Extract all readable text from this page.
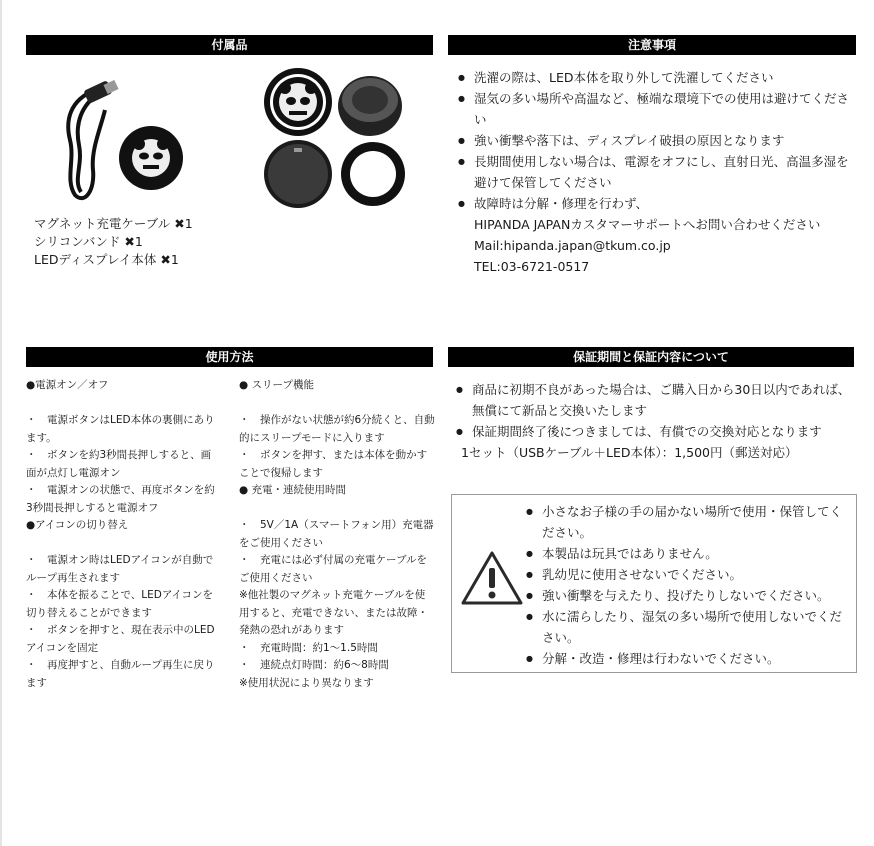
付属品
マグネット充電ケーブル ✖1
シリコンバンド ✖1
LEDディスプレイ本体 ✖1
注意事項
● 洗濯の際は、LED本体を取り外して洗濯してください
● 湿気の多い場所や高温など、極端な環境下での使用は避けてください
● 強い衝撃や落下は、ディスプレイ破損の原因となります
● 長期間使用しない場合は、電源をオフにし、直射日光、高温多湿を避けて保管してください
● 故障時は分解・修理を行わず、
HIPANDA JAPANカスタマーサポートへお問い合わせください
Mail:hipanda.japan@tkum.co.jp
TEL:03-6721-0517
使用方法
●電源オン／オフ
・　電源ボタンはLED本体の裏側にあります。
・　ボタンを約3秒間長押しすると、画面が点灯し電源オン
・　電源オンの状態で、再度ボタンを約3秒間長押しすると電源オフ
●アイコンの切り替え
・　電源オン時はLEDアイコンが自動でループ再生されます
・　本体を振ることで、LEDアイコンを切り替えることができます
・　ボタンを押すと、現在表示中のLEDアイコンを固定
・　再度押すと、自動ループ再生に戻ります
● スリープ機能
・　操作がない状態が約6分続くと、自動的にスリープモードに入ります
・　ボタンを押す、または本体を動かすことで復帰します
● 充電・連続使用時間
・　5V／1A（スマートフォン用）充電器をご使用ください
・　充電には必ず付属の充電ケーブルをご使用ください
※他社製のマグネット充電ケーブルを使用すると、充電できない、または故障・発熱の恐れがあります
・　充電時間：約1〜1.5時間
・　連続点灯時間：約6〜8時間
※使用状況により異なります
保証期間と保証内容について
● 商品に初期不良があった場合は、ご購入日から30日以内であれば、無償にて新品と交換いたします
● 保証期間終了後につきましては、有償での交換対応となります
1セット（USBケーブル＋LED本体）：1,500円（郵送対応）
● 小さなお子様の手の届かない場所で使用・保管してください。
● 本製品は玩具ではありません。
● 乳幼児に使用させないでください。
● 強い衝撃を与えたり、投げたりしないでください。
● 水に濡らしたり、湿気の多い場所で使用しないでください。
● 分解・改造・修理は行わないでください。
